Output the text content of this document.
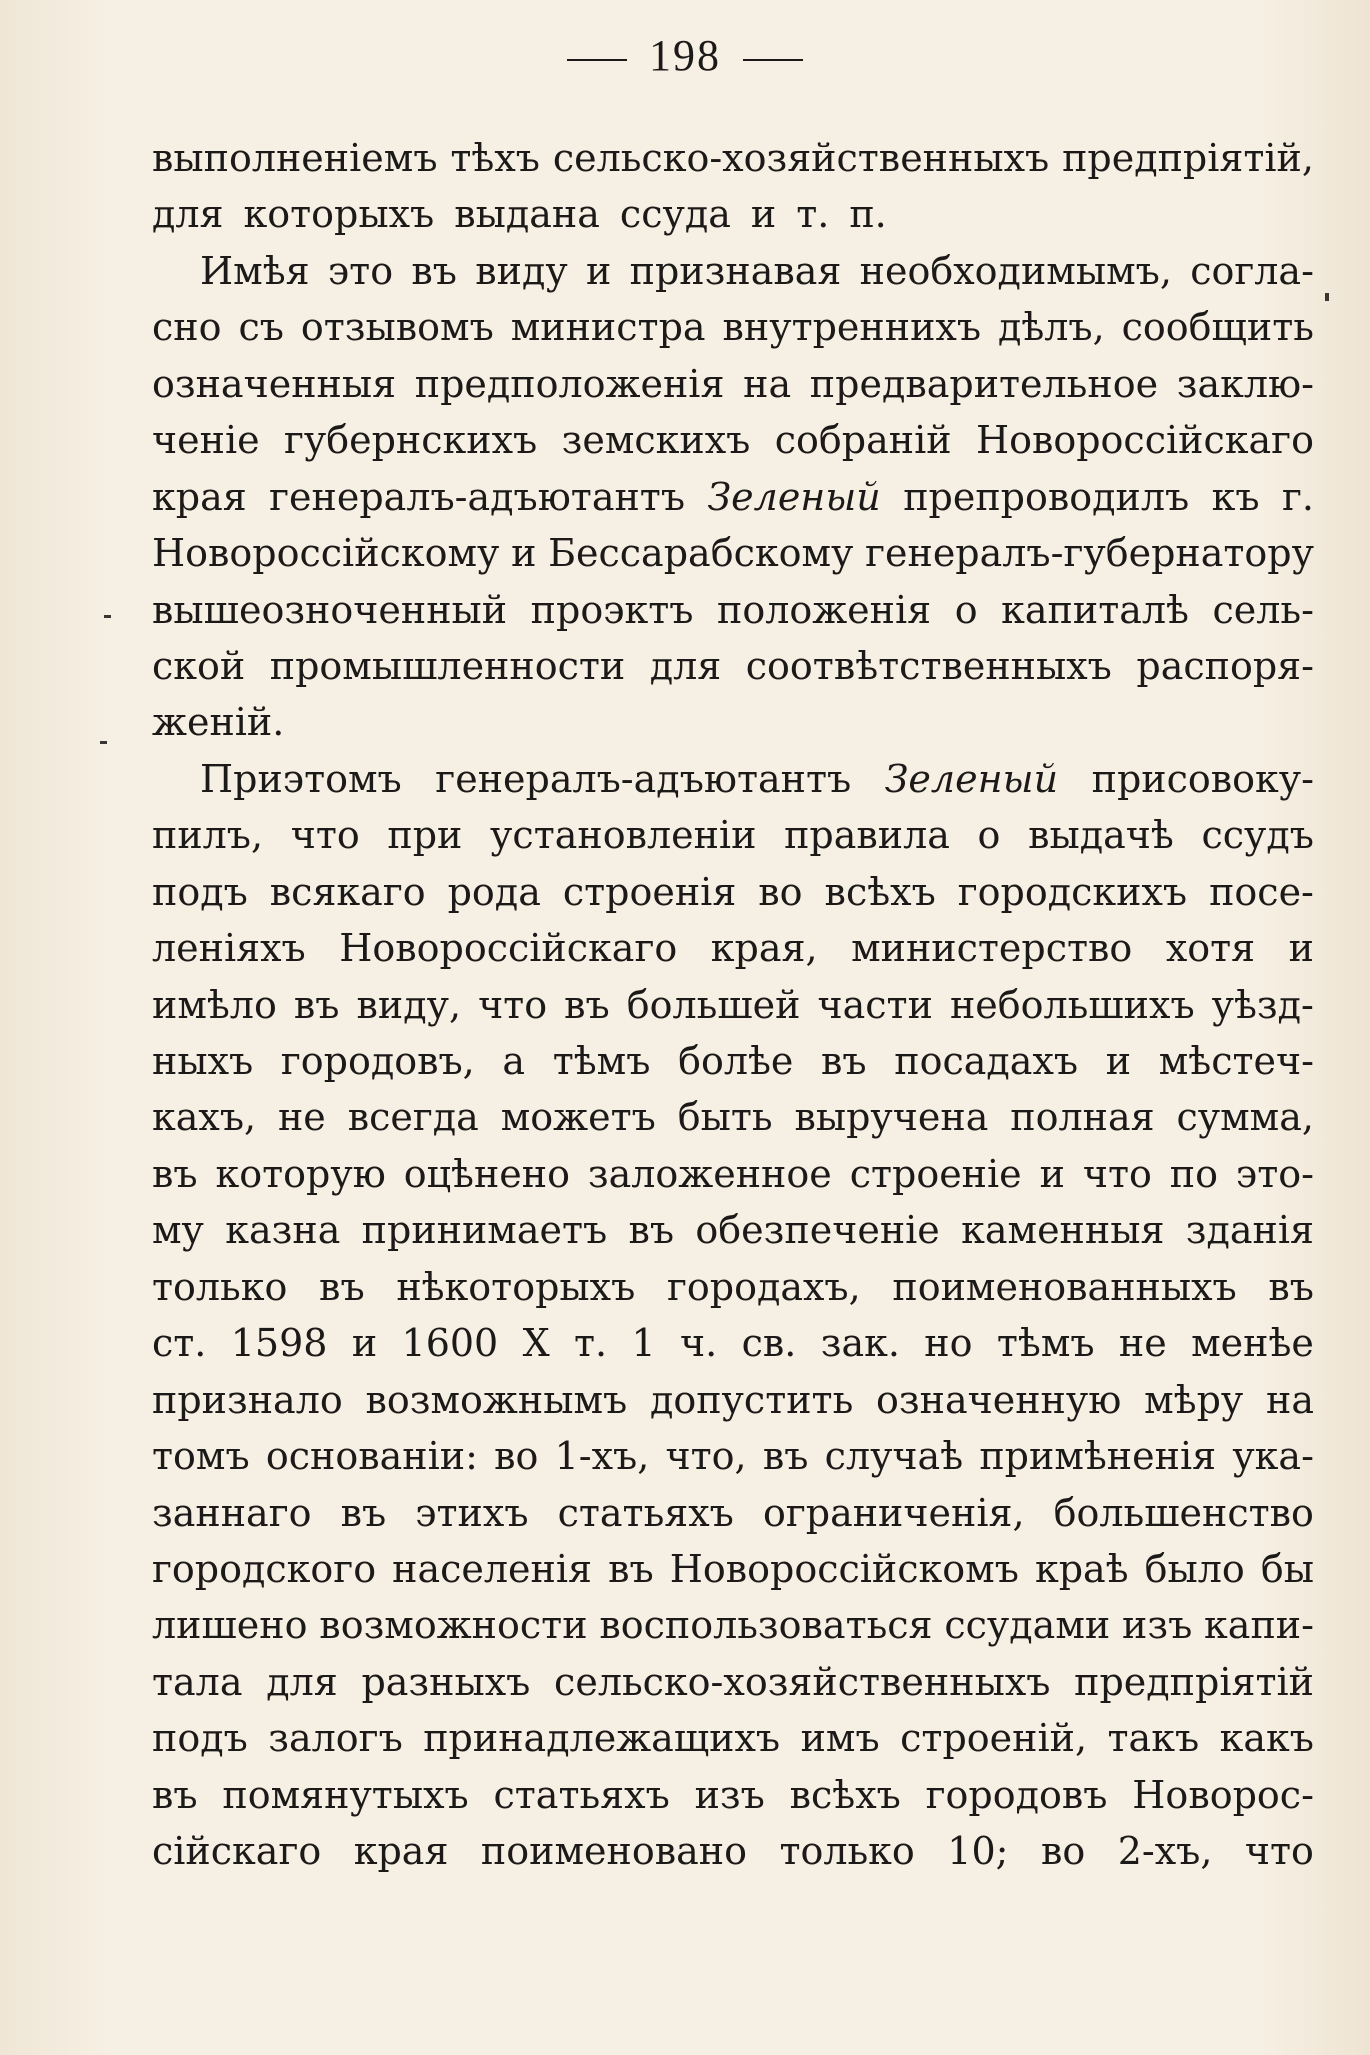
198
выполненіемъ тѣхъ сельско-хозяйственныхъ предпріятій,
для которыхъ выдана ссуда и т. п.
Имѣя это въ виду и признавая необходимымъ, согла-
сно съ отзывомъ министра внутреннихъ дѣлъ, сообщить
означенныя предположенія на предварительное заклю-
ченіе губернскихъ земскихъ собраній Новороссійскаго
края генералъ-адъютантъ Зеленый препроводилъ къ г.
Новороссійскому и Бессарабскому генералъ-губернатору
вышеозноченный проэктъ положенія о капиталѣ сель-
ской промышленности для соотвѣтственныхъ распоря-
женій.
Приэтомъ генералъ-адъютантъ Зеленый присовоку-
пилъ, что при установленіи правила о выдачѣ ссудъ
подъ всякаго рода строенія во всѣхъ городскихъ посе-
леніяхъ Новороссійскаго края, министерство хотя и
имѣло въ виду, что въ большей части небольшихъ уѣзд-
ныхъ городовъ, а тѣмъ болѣе въ посадахъ и мѣстеч-
кахъ, не всегда можетъ быть выручена полная сумма,
въ которую оцѣнено заложенное строеніе и что по это-
му казна принимаетъ въ обезпеченіе каменныя зданія
только въ нѣкоторыхъ городахъ, поименованныхъ въ
ст. 1598 и 1600 X т. 1 ч. св. зак. но тѣмъ не менѣе
призналo возможнымъ допустить означенную мѣру на
томъ основаніи: во 1-хъ, что, въ случаѣ примѣненія ука-
заннаго въ этихъ статьяхъ ограниченія, большенство
городского населенія въ Новороссійскомъ краѣ было бы
лишено возможности воспользоваться ссудами изъ капи-
тала для разныхъ сельско-хозяйственныхъ предпріятій
подъ залогъ принадлежащихъ имъ строеній, такъ какъ
въ помянутыхъ статьяхъ изъ всѣхъ городовъ Новорос-
сійскаго края поименовано только 10; во 2-хъ, что
